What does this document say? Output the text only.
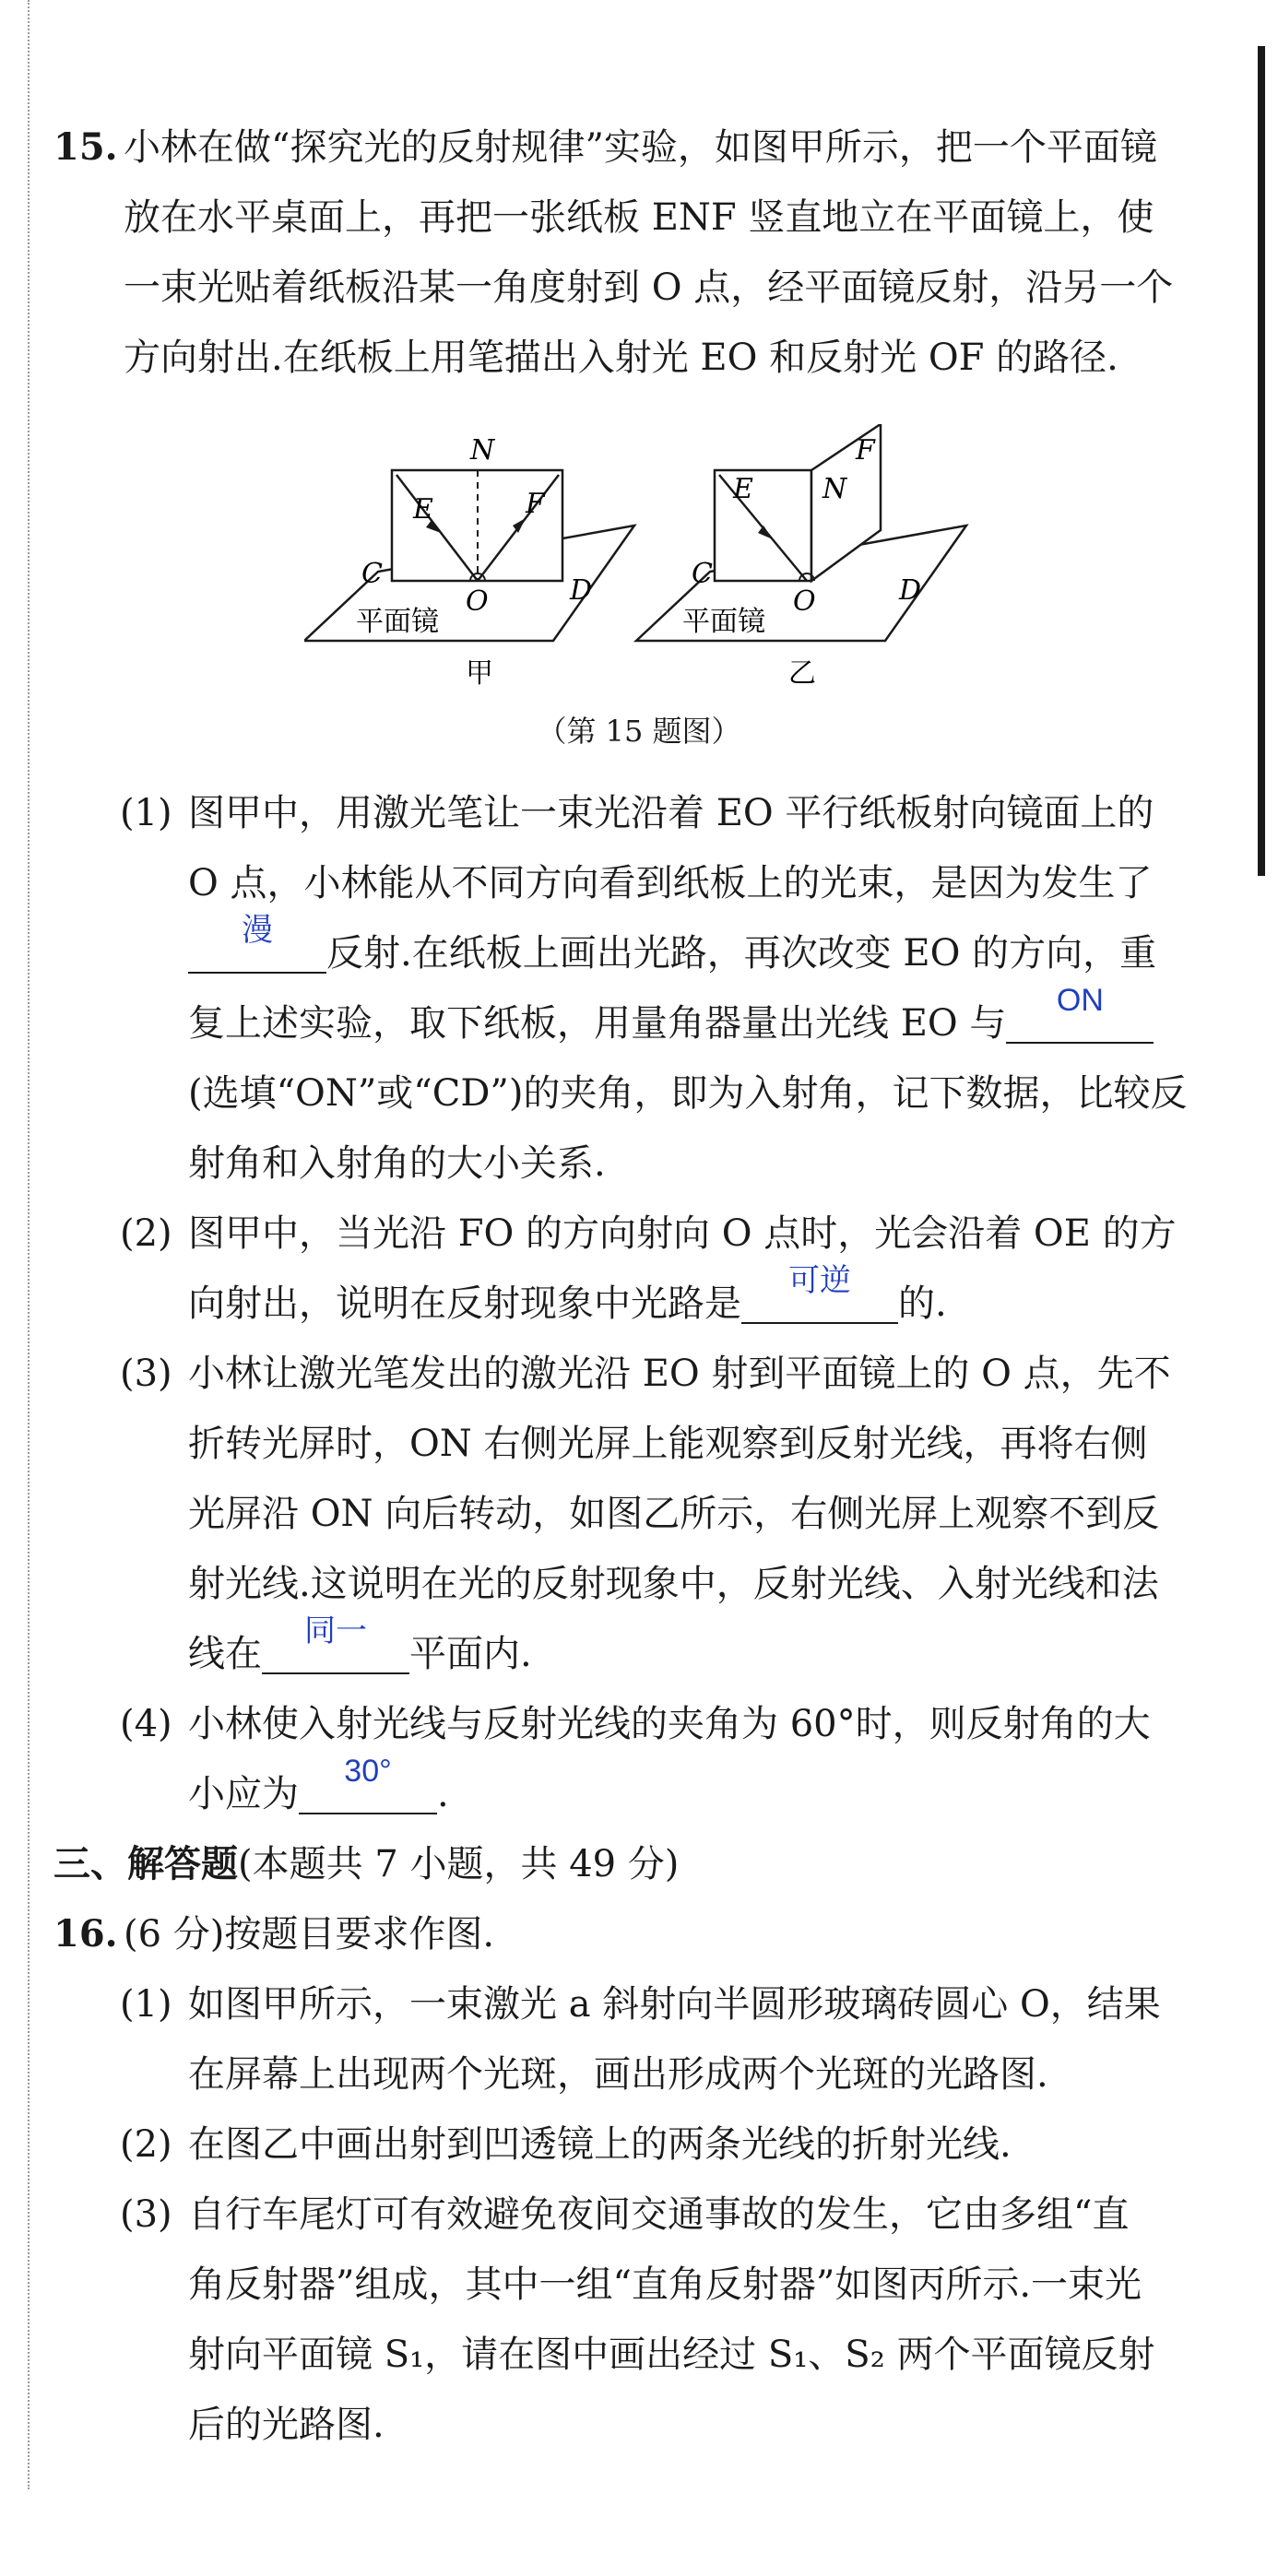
15. 小林在做“探究光的反射规律”实验，如图甲所示，把一个平面镜
放在水平桌面上，再把一张纸板 ENF 竖直地立在平面镜上，使
一束光贴着纸板沿某一角度射到 O 点，经平面镜反射，沿另一个
方向射出.在纸板上用笔描出入射光 EO 和反射光 OF 的路径.
N
E	F
C
O	D
平面镜
甲
E	N
F
C
O	D
平面镜
乙
（第 15 题图）
(1) 图甲中，用激光笔让一束光沿着 EO 平行纸板射向镜面上的
O 点，小林能从不同方向看到纸板上的光束，是因为发生了
漫
反射.在纸板上画出光路，再次改变 EO 的方向，重
复上述实验，取下纸板，用量角器量出光线 EO 与
ON
(选填“ON”或“CD”)的夹角，即为入射角，记下数据，比较反
射角和入射角的大小关系.
(2) 图甲中，当光沿 FO 的方向射向 O 点时，光会沿着 OE 的方
向射出，说明在反射现象中光路是
可逆
的.
(3) 小林让激光笔发出的激光沿 EO 射到平面镜上的 O 点，先不
折转光屏时，ON 右侧光屏上能观察到反射光线，再将右侧
光屏沿 ON 向后转动，如图乙所示，右侧光屏上观察不到反
射光线.这说明在光的反射现象中，反射光线、入射光线和法
线在
同一
平面内.
(4) 小林使入射光线与反射光线的夹角为 60°时，则反射角的大
小应为
30°
.
三、解答题(本题共 7 小题，共 49 分)
16. (6 分)按题目要求作图.
(1) 如图甲所示，一束激光 a 斜射向半圆形玻璃砖圆心 O，结果
在屏幕上出现两个光斑，画出形成两个光斑的光路图.
(2) 在图乙中画出射到凹透镜上的两条光线的折射光线.
(3) 自行车尾灯可有效避免夜间交通事故的发生，它由多组“直
角反射器”组成，其中一组“直角反射器”如图丙所示.一束光
射向平面镜 S₁，请在图中画出经过 S₁、S₂ 两个平面镜反射
后的光路图.
